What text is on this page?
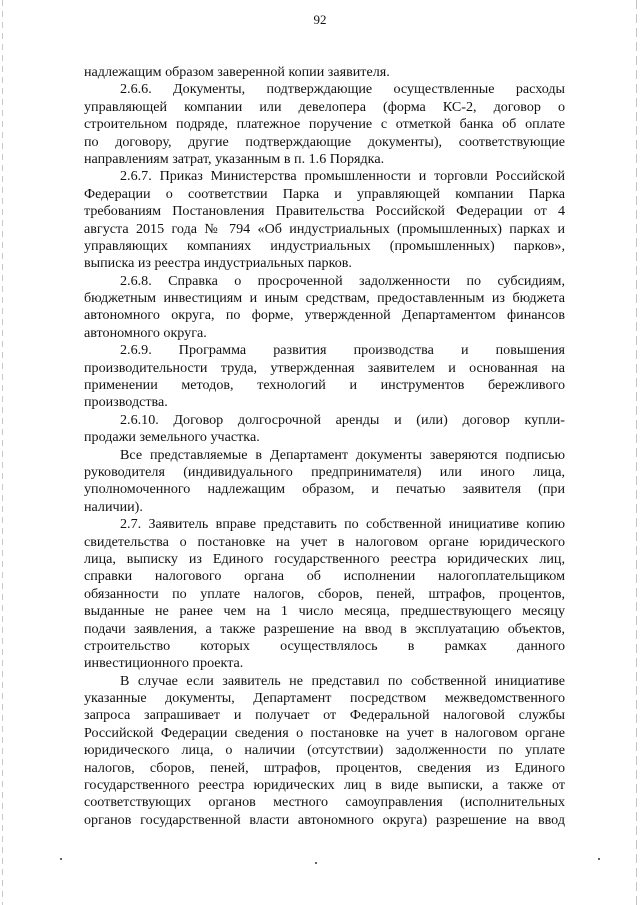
92
надлежащим образом заверенной копии заявителя.
2.6.6. Документы, подтверждающие осуществленные расходы
управляющей компании или девелопера (форма КС-2, договор о
строительном подряде, платежное поручение с отметкой банка об оплате
по договору, другие подтверждающие документы), соответствующие
направлениям затрат, указанным в п. 1.6 Порядка.
2.6.7. Приказ Министерства промышленности и торговли Российской
Федерации о соответствии Парка и управляющей компании Парка
требованиям Постановления Правительства Российской Федерации от 4
августа 2015 года № 794 «Об индустриальных (промышленных) парках и
управляющих компаниях индустриальных (промышленных) парков»,
выписка из реестра индустриальных парков.
2.6.8. Справка о просроченной задолженности по субсидиям,
бюджетным инвестициям и иным средствам, предоставленным из бюджета
автономного округа, по форме, утвержденной Департаментом финансов
автономного округа.
2.6.9. Программа развития производства и повышения
производительности труда, утвержденная заявителем и основанная на
применении методов, технологий и инструментов бережливого
производства.
2.6.10. Договор долгосрочной аренды и (или) договор купли-
продажи земельного участка.
Все представляемые в Департамент документы заверяются подписью
руководителя (индивидуального предпринимателя) или иного лица,
уполномоченного надлежащим образом, и печатью заявителя (при
наличии).
2.7. Заявитель вправе представить по собственной инициативе копию
свидетельства о постановке на учет в налоговом органе юридического
лица, выписку из Единого государственного реестра юридических лиц,
справки налогового органа об исполнении налогоплательщиком
обязанности по уплате налогов, сборов, пеней, штрафов, процентов,
выданные не ранее чем на 1 число месяца, предшествующего месяцу
подачи заявления, а также разрешение на ввод в эксплуатацию объектов,
строительство которых осуществлялось в рамках данного
инвестиционного проекта.
В случае если заявитель не представил по собственной инициативе
указанные документы, Департамент посредством межведомственного
запроса запрашивает и получает от Федеральной налоговой службы
Российской Федерации сведения о постановке на учет в налоговом органе
юридического лица, о наличии (отсутствии) задолженности по уплате
налогов, сборов, пеней, штрафов, процентов, сведения из Единого
государственного реестра юридических лиц в виде выписки, а также от
соответствующих органов местного самоуправления (исполнительных
органов государственной власти автономного округа) разрешение на ввод
